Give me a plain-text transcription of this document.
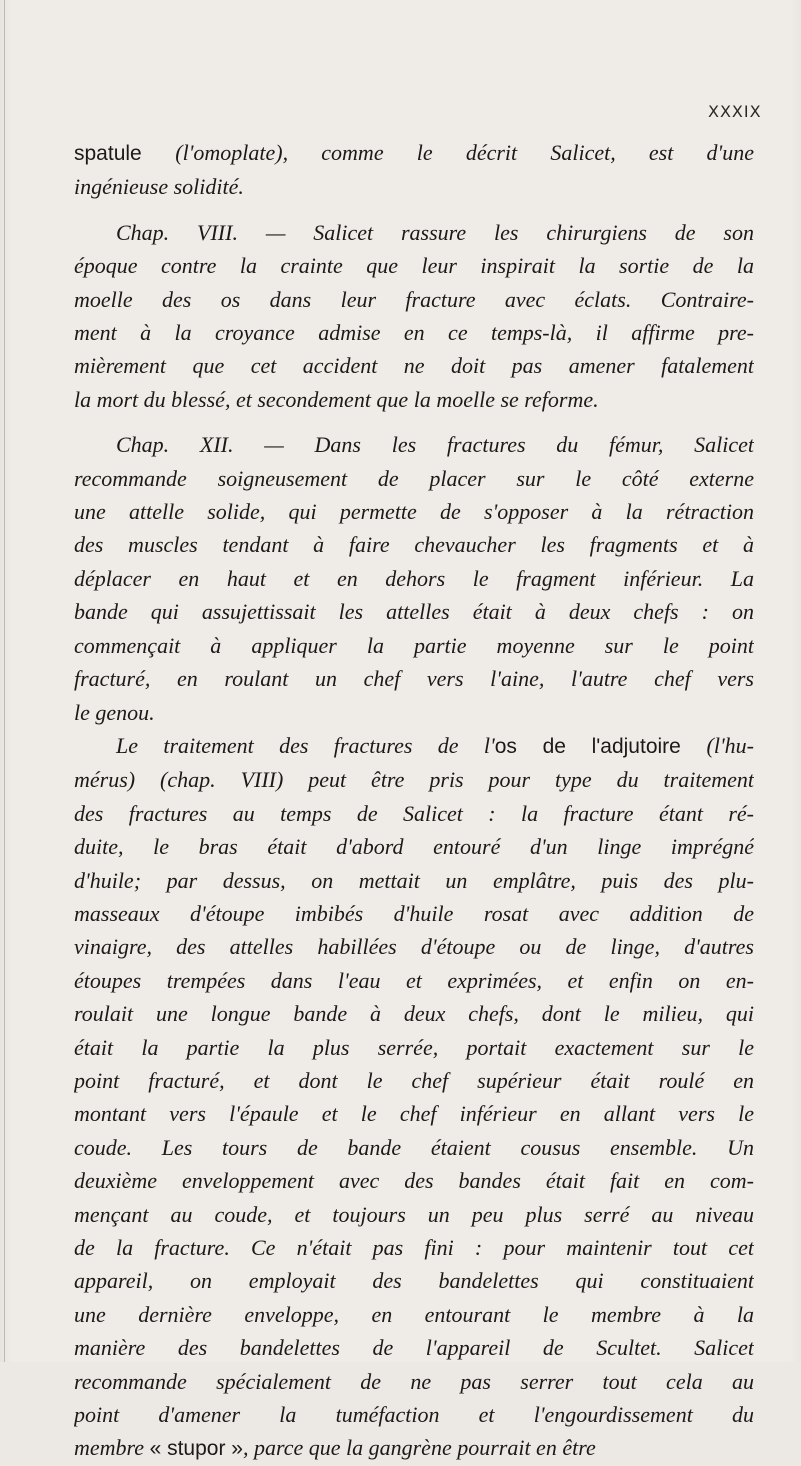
XXXIX

spatule (l'omoplate), comme le décrit Salicet, est d'une
ingénieuse solidité.

Chap. VIII. — Salicet rassure les chirurgiens de son
époque contre la crainte que leur inspirait la sortie de la
moelle des os dans leur fracture avec éclats. Contraire-
ment à la croyance admise en ce temps-là, il affirme pre-
mièrement que cet accident ne doit pas amener fatalement
la mort du blessé, et secondement que la moelle se reforme.

Chap. XII. — Dans les fractures du fémur, Salicet
recommande soigneusement de placer sur le côté externe
une attelle solide, qui permette de s'opposer à la rétraction
des muscles tendant à faire chevaucher les fragments et à
déplacer en haut et en dehors le fragment inférieur. La
bande qui assujettissait les attelles était à deux chefs : on
commençait à appliquer la partie moyenne sur le point
fracturé, en roulant un chef vers l'aine, l'autre chef vers
le genou.

Le traitement des fractures de l'os de l'adjutoire (l'hu-
mérus) (chap. VIII) peut être pris pour type du traitement
des fractures au temps de Salicet : la fracture étant ré-
duite, le bras était d'abord entouré d'un linge imprégné
d'huile; par dessus, on mettait un emplâtre, puis des plu-
masseaux d'étoupe imbibés d'huile rosat avec addition de
vinaigre, des attelles habillées d'étoupe ou de linge, d'autres
étoupes trempées dans l'eau et exprimées, et enfin on en-
roulait une longue bande à deux chefs, dont le milieu, qui
était la partie la plus serrée, portait exactement sur le
point fracturé, et dont le chef supérieur était roulé en
montant vers l'épaule et le chef inférieur en allant vers le
coude. Les tours de bande étaient cousus ensemble. Un
deuxième enveloppement avec des bandes était fait en com-
mençant au coude, et toujours un peu plus serré au niveau
de la fracture. Ce n'était pas fini : pour maintenir tout cet
appareil, on employait des bandelettes qui constituaient
une dernière enveloppe, en entourant le membre à la
manière des bandelettes de l'appareil de Scultet. Salicet
recommande spécialement de ne pas serrer tout cela au
point d'amener la tuméfaction et l'engourdissement du
membre « stupor », parce que la gangrène pourrait en être
